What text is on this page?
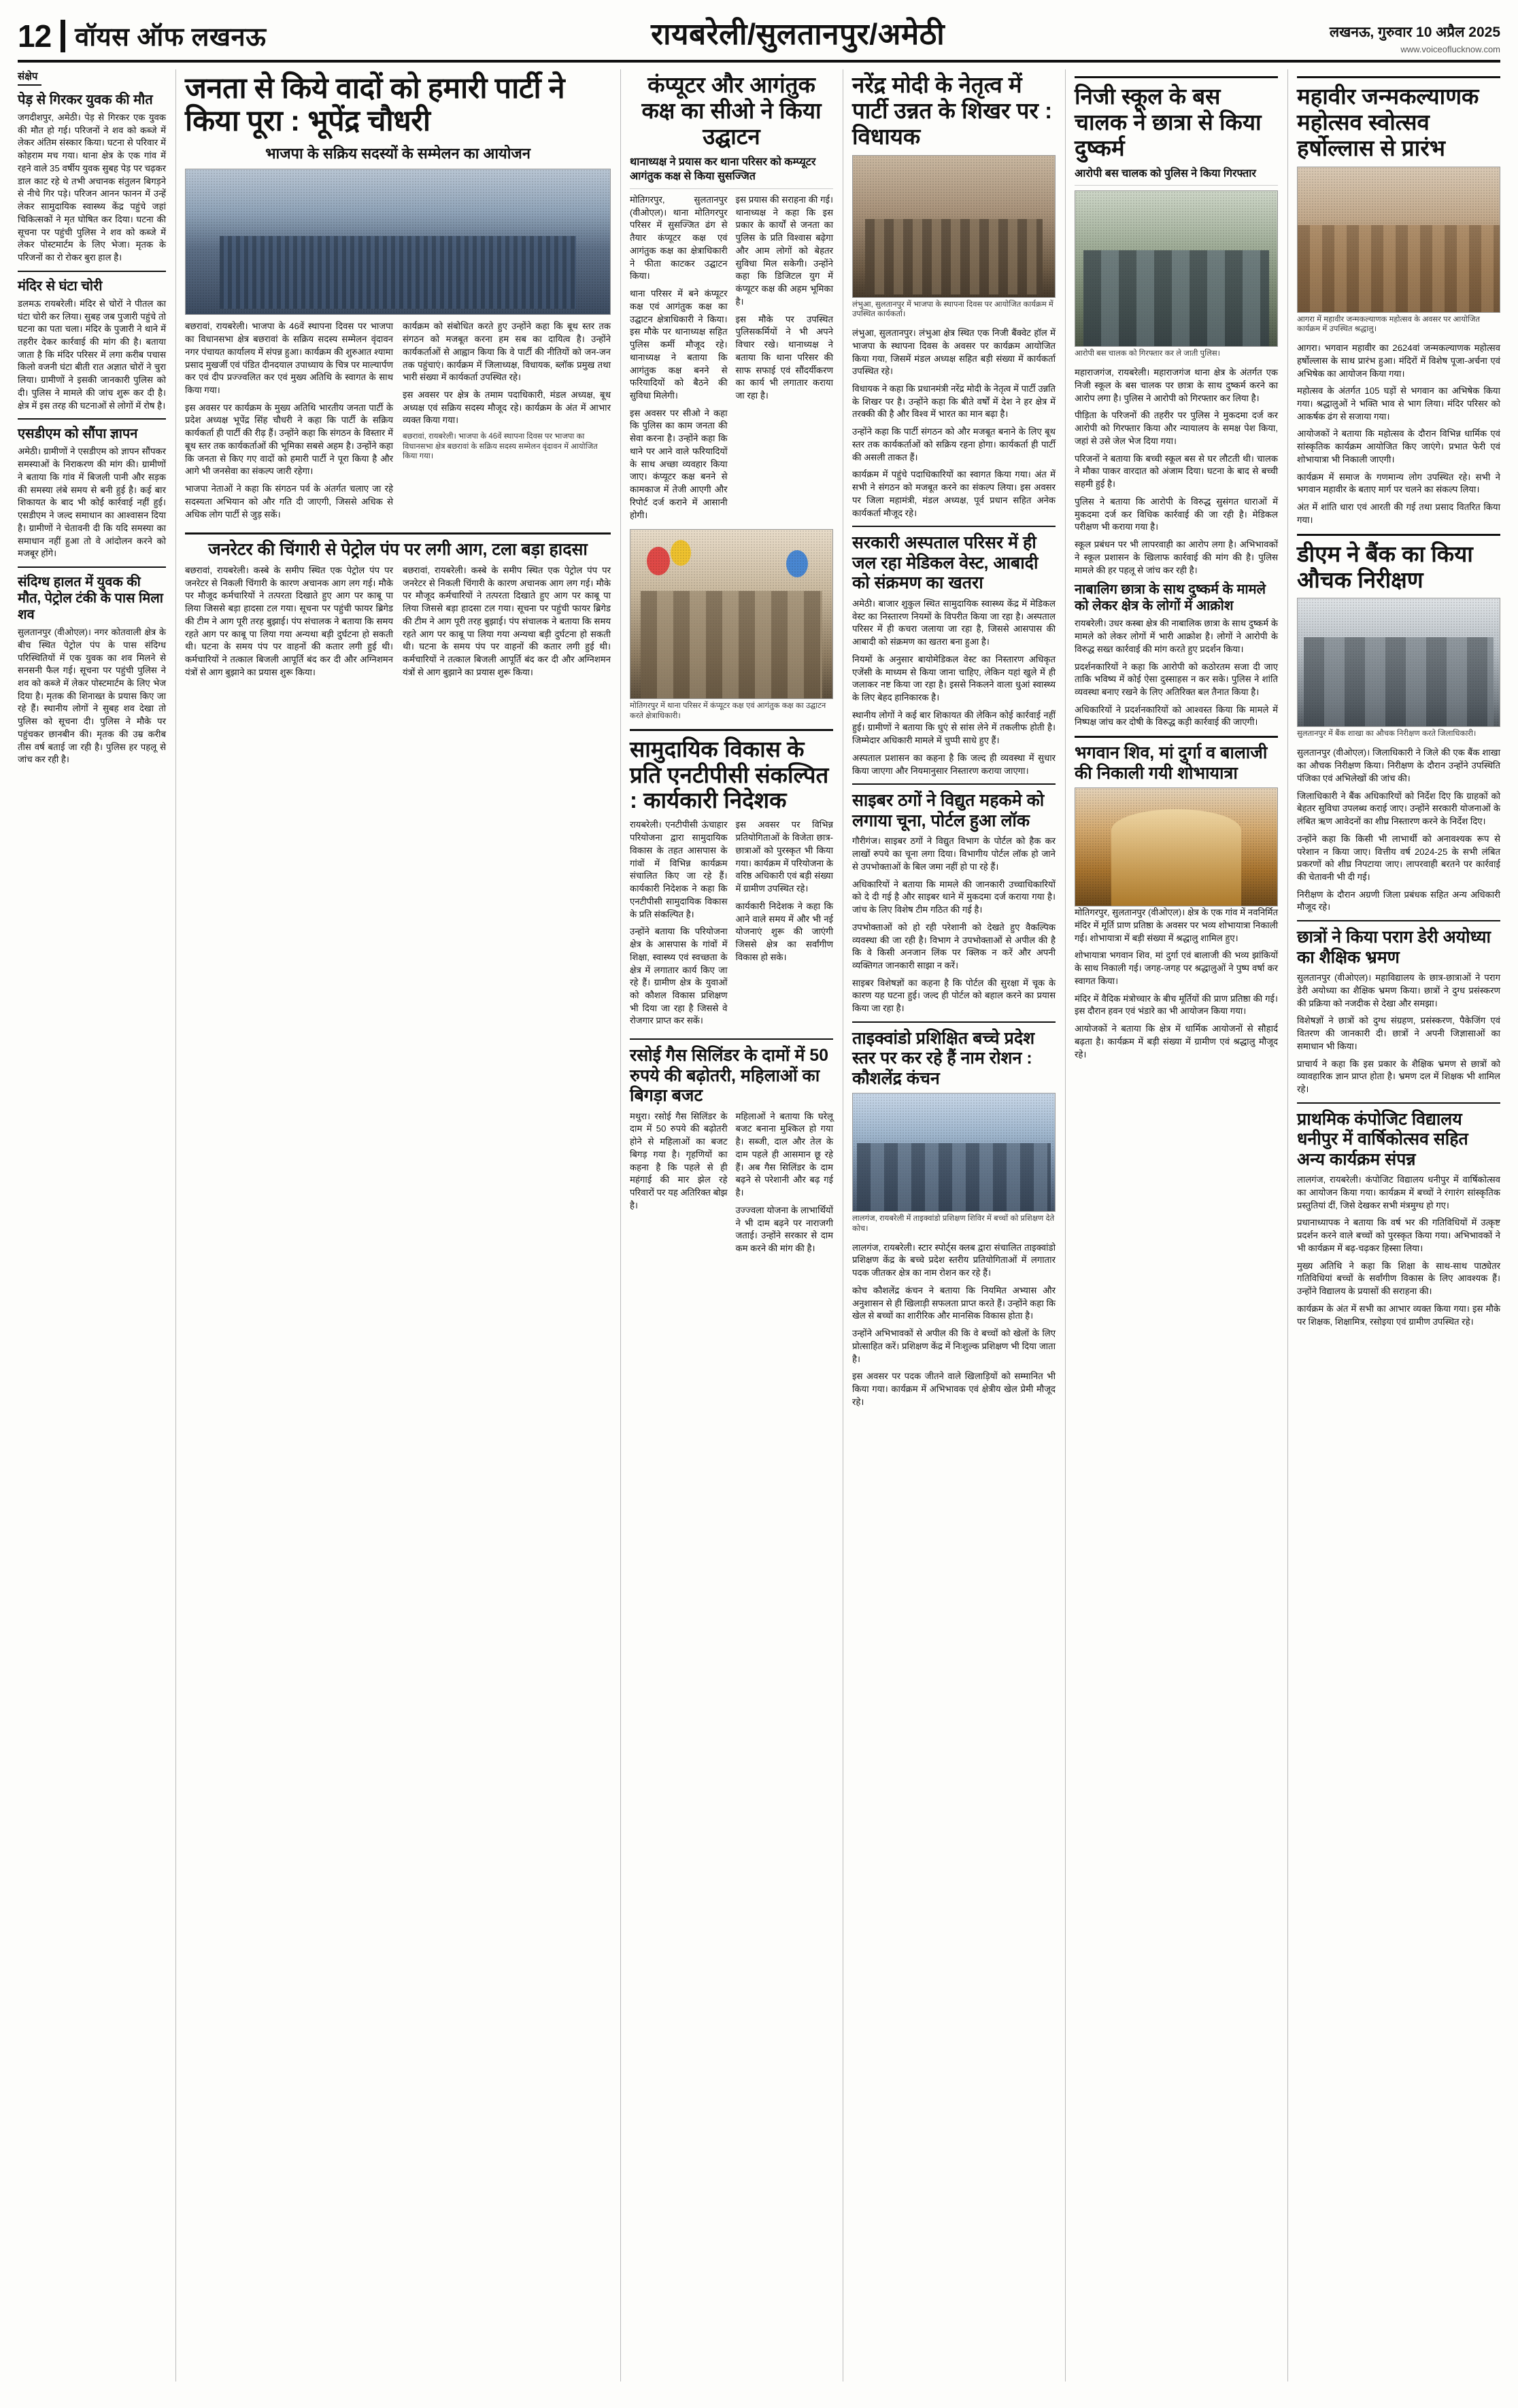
12 वॉयस ऑफ लखनऊ	रायबरेली/सुलतानपुर/अमेठी	लखनऊ, गुरुवार 10 अप्रैल 2025
www.voiceoflucknow.com
संक्षेप
पेड़ से गिरकर युवक की मौत

जगदीशपुर, अमेठी। पेड़ से गिरकर एक युवक की मौत हो गई। परिजनों ने शव को कब्जे में लेकर अंतिम संस्कार किया। घटना से परिवार में कोहराम मच गया। थाना क्षेत्र के एक गांव में रहने वाले 35 वर्षीय युवक सुबह पेड़ पर चढ़कर डाल काट रहे थे तभी अचानक संतुलन बिगड़ने से नीचे गिर पड़े। परिजन आनन फानन में उन्हें लेकर सामुदायिक स्वास्थ्य केंद्र पहुंचे जहां चिकित्सकों ने मृत घोषित कर दिया। घटना की सूचना पर पहुंची पुलिस ने शव को कब्जे में लेकर पोस्टमार्टम के लिए भेजा। मृतक के परिजनों का रो रोकर बुरा हाल है।

मंदिर से घंटा चोरी

डलमऊ रायबरेली। मंदिर से चोरों ने पीतल का घंटा चोरी कर लिया। सुबह जब पुजारी पहुंचे तो घटना का पता चला। मंदिर के पुजारी ने थाने में तहरीर देकर कार्रवाई की मांग की है। बताया जाता है कि मंदिर परिसर में लगा करीब पचास किलो वजनी घंटा बीती रात अज्ञात चोरों ने चुरा लिया। ग्रामीणों ने इसकी जानकारी पुलिस को दी। पुलिस ने मामले की जांच शुरू कर दी है। क्षेत्र में इस तरह की घटनाओं से लोगों में रोष है।

एसडीएम को सौंपा ज्ञापन

अमेठी। ग्रामीणों ने एसडीएम को ज्ञापन सौंपकर समस्याओं के निराकरण की मांग की। ग्रामीणों ने बताया कि गांव में बिजली पानी और सड़क की समस्या लंबे समय से बनी हुई है। कई बार शिकायत के बाद भी कोई कार्रवाई नहीं हुई। एसडीएम ने जल्द समाधान का आश्वासन दिया है। ग्रामीणों ने चेतावनी दी कि यदि समस्या का समाधान नहीं हुआ तो वे आंदोलन करने को मजबूर होंगे।

संदिग्ध हालत में युवक की मौत, पेट्रोल टंकी के पास मिला शव

सुलतानपुर (वीओएल)। नगर कोतवाली क्षेत्र के बीच स्थित पेट्रोल पंप के पास संदिग्ध परिस्थितियों में एक युवक का शव मिलने से सनसनी फैल गई। सूचना पर पहुंची पुलिस ने शव को कब्जे में लेकर पोस्टमार्टम के लिए भेज दिया है। मृतक की शिनाख्त के प्रयास किए जा रहे हैं। स्थानीय लोगों ने सुबह शव देखा तो पुलिस को सूचना दी। पुलिस ने मौके पर पहुंचकर छानबीन की। मृतक की उम्र करीब तीस वर्ष बताई जा रही है। पुलिस हर पहलू से जांच कर रही है।

जनता से किये वादों को हमारी पार्टी ने किया पूरा : भूपेंद्र चौधरी
भाजपा के सक्रिय सदस्यों के सम्मेलन का आयोजन

बछरावां, रायबरेली। भाजपा के 46वें स्थापना दिवस पर भाजपा का विधानसभा क्षेत्र बछरावां के सक्रिय सदस्य सम्मेलन वृंदावन नगर पंचायत कार्यालय में संपन्न हुआ। कार्यक्रम की शुरुआत श्यामा प्रसाद मुखर्जी एवं पंडित दीनदयाल उपाध्याय के चित्र पर माल्यार्पण कर एवं दीप प्रज्ज्वलित कर एवं मुख्य अतिथि के स्वागत के साथ किया गया।

इस अवसर पर कार्यक्रम के मुख्य अतिथि भारतीय जनता पार्टी के प्रदेश अध्यक्ष भूपेंद्र सिंह चौधरी ने कहा कि पार्टी के सक्रिय कार्यकर्ता ही पार्टी की रीढ़ हैं। उन्होंने कहा कि संगठन के विस्तार में बूथ स्तर तक कार्यकर्ताओं की भूमिका सबसे अहम है। उन्होंने कहा कि जनता से किए गए वादों को हमारी पार्टी ने पूरा किया है और आगे भी जनसेवा का संकल्प जारी रहेगा।

भाजपा नेताओं ने कहा कि संगठन पर्व के अंतर्गत चलाए जा रहे सदस्यता अभियान को और गति दी जाएगी, जिससे अधिक से अधिक लोग पार्टी से जुड़ सकें।

कार्यक्रम को संबोधित करते हुए उन्होंने कहा कि बूथ स्तर तक संगठन को मजबूत करना हम सब का दायित्व है। उन्होंने कार्यकर्ताओं से आह्वान किया कि वे पार्टी की नीतियों को जन-जन तक पहुंचाएं। कार्यक्रम में जिलाध्यक्ष, विधायक, ब्लॉक प्रमुख तथा भारी संख्या में कार्यकर्ता उपस्थित रहे।

इस अवसर पर क्षेत्र के तमाम पदाधिकारी, मंडल अध्यक्ष, बूथ अध्यक्ष एवं सक्रिय सदस्य मौजूद रहे। कार्यक्रम के अंत में आभार व्यक्त किया गया।

बछरावां, रायबरेली। भाजपा के 46वें स्थापना दिवस पर भाजपा का विधानसभा क्षेत्र बछरावां के सक्रिय सदस्य सम्मेलन वृंदावन में आयोजित किया गया।

जनरेटर की चिंगारी से पेट्रोल पंप पर लगी आग, टला बड़ा हादसा

बछरावां, रायबरेली। कस्बे के समीप स्थित एक पेट्रोल पंप पर जनरेटर से निकली चिंगारी के कारण अचानक आग लग गई। मौके पर मौजूद कर्मचारियों ने तत्परता दिखाते हुए आग पर काबू पा लिया जिससे बड़ा हादसा टल गया। सूचना पर पहुंची फायर ब्रिगेड की टीम ने आग पूरी तरह बुझाई। पंप संचालक ने बताया कि समय रहते आग पर काबू पा लिया गया अन्यथा बड़ी दुर्घटना हो सकती थी। घटना के समय पंप पर वाहनों की कतार लगी हुई थी। कर्मचारियों ने तत्काल बिजली आपूर्ति बंद कर दी और अग्निशमन यंत्रों से आग बुझाने का प्रयास शुरू किया।

बछरावां, रायबरेली। कस्बे के समीप स्थित एक पेट्रोल पंप पर जनरेटर से निकली चिंगारी के कारण अचानक आग लग गई। मौके पर मौजूद कर्मचारियों ने तत्परता दिखाते हुए आग पर काबू पा लिया जिससे बड़ा हादसा टल गया। सूचना पर पहुंची फायर ब्रिगेड की टीम ने आग पूरी तरह बुझाई। पंप संचालक ने बताया कि समय रहते आग पर काबू पा लिया गया अन्यथा बड़ी दुर्घटना हो सकती थी। घटना के समय पंप पर वाहनों की कतार लगी हुई थी। कर्मचारियों ने तत्काल बिजली आपूर्ति बंद कर दी और अग्निशमन यंत्रों से आग बुझाने का प्रयास शुरू किया।

कंप्यूटर और आगंतुक कक्ष का सीओ ने किया उद्घाटन
थानाध्यक्ष ने प्रयास कर थाना परिसर को कम्प्यूटर आगंतुक कक्ष से किया सुसज्जित

मोतिगरपुर, सुलतानपुर (वीओएल)। थाना मोतिगरपुर परिसर में सुसज्जित ढंग से तैयार कंप्यूटर कक्ष एवं आगंतुक कक्ष का क्षेत्राधिकारी ने फीता काटकर उद्घाटन किया।

थाना परिसर में बने कंप्यूटर कक्ष एवं आगंतुक कक्ष का उद्घाटन क्षेत्राधिकारी ने किया। इस मौके पर थानाध्यक्ष सहित पुलिस कर्मी मौजूद रहे। थानाध्यक्ष ने बताया कि आगंतुक कक्ष बनने से फरियादियों को बैठने की सुविधा मिलेगी।

इस अवसर पर सीओ ने कहा कि पुलिस का काम जनता की सेवा करना है। उन्होंने कहा कि थाने पर आने वाले फरियादियों के साथ अच्छा व्यवहार किया जाए। कंप्यूटर कक्ष बनने से कामकाज में तेजी आएगी और रिपोर्ट दर्ज कराने में आसानी होगी।

इस प्रयास की सराहना की गई। थानाध्यक्ष ने कहा कि इस प्रकार के कार्यों से जनता का पुलिस के प्रति विश्वास बढ़ेगा और आम लोगों को बेहतर सुविधा मिल सकेगी। उन्होंने कहा कि डिजिटल युग में कंप्यूटर कक्ष की अहम भूमिका है।

इस मौके पर उपस्थित पुलिसकर्मियों ने भी अपने विचार रखे। थानाध्यक्ष ने बताया कि थाना परिसर की साफ सफाई एवं सौंदर्यीकरण का कार्य भी लगातार कराया जा रहा है।

मोतिगरपुर में थाना परिसर में कंप्यूटर कक्ष एवं आगंतुक कक्ष का उद्घाटन करते क्षेत्राधिकारी।

सामुदायिक विकास के प्रति एनटीपीसी संकल्पित : कार्यकारी निदेशक

रायबरेली। एनटीपीसी ऊंचाहार परियोजना द्वारा सामुदायिक विकास के तहत आसपास के गांवों में विभिन्न कार्यक्रम संचालित किए जा रहे हैं। कार्यकारी निदेशक ने कहा कि एनटीपीसी सामुदायिक विकास के प्रति संकल्पित है।

उन्होंने बताया कि परियोजना क्षेत्र के आसपास के गांवों में शिक्षा, स्वास्थ्य एवं स्वच्छता के क्षेत्र में लगातार कार्य किए जा रहे हैं। ग्रामीण क्षेत्र के युवाओं को कौशल विकास प्रशिक्षण भी दिया जा रहा है जिससे वे रोजगार प्राप्त कर सकें।

इस अवसर पर विभिन्न प्रतियोगिताओं के विजेता छात्र-छात्राओं को पुरस्कृत भी किया गया। कार्यक्रम में परियोजना के वरिष्ठ अधिकारी एवं बड़ी संख्या में ग्रामीण उपस्थित रहे।

कार्यकारी निदेशक ने कहा कि आने वाले समय में और भी नई योजनाएं शुरू की जाएंगी जिससे क्षेत्र का सर्वांगीण विकास हो सके।

रसोई गैस सिलिंडर के दामों में 50 रुपये की बढ़ोतरी, महिलाओं का बिगड़ा बजट

मथुरा। रसोई गैस सिलिंडर के दाम में 50 रुपये की बढ़ोतरी होने से महिलाओं का बजट बिगड़ गया है। गृहणियों का कहना है कि पहले से ही महंगाई की मार झेल रहे परिवारों पर यह अतिरिक्त बोझ है।

महिलाओं ने बताया कि घरेलू बजट बनाना मुश्किल हो गया है। सब्जी, दाल और तेल के दाम पहले ही आसमान छू रहे हैं। अब गैस सिलिंडर के दाम बढ़ने से परेशानी और बढ़ गई है।

उज्ज्वला योजना के लाभार्थियों ने भी दाम बढ़ने पर नाराजगी जताई। उन्होंने सरकार से दाम कम करने की मांग की है।

नरेंद्र मोदी के नेतृत्व में पार्टी उन्नत के शिखर पर : विधायक

लंभुआ, सुलतानपुर में भाजपा के स्थापना दिवस पर आयोजित कार्यक्रम में उपस्थित कार्यकर्ता।

लंभुआ, सुलतानपुर। लंभुआ क्षेत्र स्थित एक निजी बैंक्वेट हॉल में भाजपा के स्थापना दिवस के अवसर पर कार्यक्रम आयोजित किया गया, जिसमें मंडल अध्यक्ष सहित बड़ी संख्या में कार्यकर्ता उपस्थित रहे।

विधायक ने कहा कि प्रधानमंत्री नरेंद्र मोदी के नेतृत्व में पार्टी उन्नति के शिखर पर है। उन्होंने कहा कि बीते वर्षों में देश ने हर क्षेत्र में तरक्की की है और विश्व में भारत का मान बढ़ा है।

उन्होंने कहा कि पार्टी संगठन को और मजबूत बनाने के लिए बूथ स्तर तक कार्यकर्ताओं को सक्रिय रहना होगा। कार्यकर्ता ही पार्टी की असली ताकत हैं।

कार्यक्रम में पहुंचे पदाधिकारियों का स्वागत किया गया। अंत में सभी ने संगठन को मजबूत करने का संकल्प लिया। इस अवसर पर जिला महामंत्री, मंडल अध्यक्ष, पूर्व प्रधान सहित अनेक कार्यकर्ता मौजूद रहे।

सरकारी अस्पताल परिसर में ही जल रहा मेडिकल वेस्ट, आबादी को संक्रमण का खतरा

अमेठी। बाजार शुकुल स्थित सामुदायिक स्वास्थ्य केंद्र में मेडिकल वेस्ट का निस्तारण नियमों के विपरीत किया जा रहा है। अस्पताल परिसर में ही कचरा जलाया जा रहा है, जिससे आसपास की आबादी को संक्रमण का खतरा बना हुआ है।

नियमों के अनुसार बायोमेडिकल वेस्ट का निस्तारण अधिकृत एजेंसी के माध्यम से किया जाना चाहिए, लेकिन यहां खुले में ही जलाकर नष्ट किया जा रहा है। इससे निकलने वाला धुआं स्वास्थ्य के लिए बेहद हानिकारक है।

स्थानीय लोगों ने कई बार शिकायत की लेकिन कोई कार्रवाई नहीं हुई। ग्रामीणों ने बताया कि धुएं से सांस लेने में तकलीफ होती है। जिम्मेदार अधिकारी मामले में चुप्पी साधे हुए हैं।

अस्पताल प्रशासन का कहना है कि जल्द ही व्यवस्था में सुधार किया जाएगा और नियमानुसार निस्तारण कराया जाएगा।

साइबर ठगों ने विद्युत महकमे को लगाया चूना, पोर्टल हुआ लॉक

गौरीगंज। साइबर ठगों ने विद्युत विभाग के पोर्टल को हैक कर लाखों रुपये का चूना लगा दिया। विभागीय पोर्टल लॉक हो जाने से उपभोक्ताओं के बिल जमा नहीं हो पा रहे हैं।

अधिकारियों ने बताया कि मामले की जानकारी उच्चाधिकारियों को दे दी गई है और साइबर थाने में मुकदमा दर्ज कराया गया है। जांच के लिए विशेष टीम गठित की गई है।

उपभोक्ताओं को हो रही परेशानी को देखते हुए वैकल्पिक व्यवस्था की जा रही है। विभाग ने उपभोक्ताओं से अपील की है कि वे किसी अनजान लिंक पर क्लिक न करें और अपनी व्यक्तिगत जानकारी साझा न करें।

साइबर विशेषज्ञों का कहना है कि पोर्टल की सुरक्षा में चूक के कारण यह घटना हुई। जल्द ही पोर्टल को बहाल करने का प्रयास किया जा रहा है।

ताइक्वांडो प्रशिक्षित बच्चे प्रदेश स्तर पर कर रहे हैं नाम रोशन : कौशलेंद्र कंचन

लालगंज, रायबरेली में ताइक्वांडो प्रशिक्षण शिविर में बच्चों को प्रशिक्षण देते कोच।

लालगंज, रायबरेली। स्टार स्पोर्ट्स क्लब द्वारा संचालित ताइक्वांडो प्रशिक्षण केंद्र के बच्चे प्रदेश स्तरीय प्रतियोगिताओं में लगातार पदक जीतकर क्षेत्र का नाम रोशन कर रहे हैं।

कोच कौशलेंद्र कंचन ने बताया कि नियमित अभ्यास और अनुशासन से ही खिलाड़ी सफलता प्राप्त करते हैं। उन्होंने कहा कि खेल से बच्चों का शारीरिक और मानसिक विकास होता है।

उन्होंने अभिभावकों से अपील की कि वे बच्चों को खेलों के लिए प्रोत्साहित करें। प्रशिक्षण केंद्र में निःशुल्क प्रशिक्षण भी दिया जाता है।

इस अवसर पर पदक जीतने वाले खिलाड़ियों को सम्मानित भी किया गया। कार्यक्रम में अभिभावक एवं क्षेत्रीय खेल प्रेमी मौजूद रहे।

निजी स्कूल के बस चालक ने छात्रा से किया दुष्कर्म
आरोपी बस चालक को पुलिस ने किया गिरफ्तार

आरोपी बस चालक को गिरफ्तार कर ले जाती पुलिस।

महाराजगंज, रायबरेली। महाराजगंज थाना क्षेत्र के अंतर्गत एक निजी स्कूल के बस चालक पर छात्रा के साथ दुष्कर्म करने का आरोप लगा है। पुलिस ने आरोपी को गिरफ्तार कर लिया है।

पीड़िता के परिजनों की तहरीर पर पुलिस ने मुकदमा दर्ज कर आरोपी को गिरफ्तार किया और न्यायालय के समक्ष पेश किया, जहां से उसे जेल भेज दिया गया।

परिजनों ने बताया कि बच्ची स्कूल बस से घर लौटती थी। चालक ने मौका पाकर वारदात को अंजाम दिया। घटना के बाद से बच्ची सहमी हुई है।

पुलिस ने बताया कि आरोपी के विरुद्ध सुसंगत धाराओं में मुकदमा दर्ज कर विधिक कार्रवाई की जा रही है। मेडिकल परीक्षण भी कराया गया है।

स्कूल प्रबंधन पर भी लापरवाही का आरोप लगा है। अभिभावकों ने स्कूल प्रशासन के खिलाफ कार्रवाई की मांग की है। पुलिस मामले की हर पहलू से जांच कर रही है।

नाबालिग छात्रा के साथ दुष्कर्म के मामले को लेकर क्षेत्र के लोगों में आक्रोश

रायबरेली। उधर कस्बा क्षेत्र की नाबालिक छात्रा के साथ दुष्कर्म के मामले को लेकर लोगों में भारी आक्रोश है। लोगों ने आरोपी के विरुद्ध सख्त कार्रवाई की मांग करते हुए प्रदर्शन किया।

प्रदर्शनकारियों ने कहा कि आरोपी को कठोरतम सजा दी जाए ताकि भविष्य में कोई ऐसा दुस्साहस न कर सके। पुलिस ने शांति व्यवस्था बनाए रखने के लिए अतिरिक्त बल तैनात किया है।

अधिकारियों ने प्रदर्शनकारियों को आश्वस्त किया कि मामले में निष्पक्ष जांच कर दोषी के विरुद्ध कड़ी कार्रवाई की जाएगी।

भगवान शिव, मां दुर्गा व बालाजी की निकाली गयी शोभायात्रा

मोतिगरपुर, सुलतानपुर (वीओएल)। क्षेत्र के एक गांव में नवनिर्मित मंदिर में मूर्ति प्राण प्रतिष्ठा के अवसर पर भव्य शोभायात्रा निकाली गई। शोभायात्रा में बड़ी संख्या में श्रद्धालु शामिल हुए।

शोभायात्रा भगवान शिव, मां दुर्गा एवं बालाजी की भव्य झांकियों के साथ निकाली गई। जगह-जगह पर श्रद्धालुओं ने पुष्प वर्षा कर स्वागत किया।

मंदिर में वैदिक मंत्रोच्चार के बीच मूर्तियों की प्राण प्रतिष्ठा की गई। इस दौरान हवन एवं भंडारे का भी आयोजन किया गया।

आयोजकों ने बताया कि क्षेत्र में धार्मिक आयोजनों से सौहार्द बढ़ता है। कार्यक्रम में बड़ी संख्या में ग्रामीण एवं श्रद्धालु मौजूद रहे।

महावीर जन्मकल्याणक महोत्सव स्वोत्सव हर्षोल्लास से प्रारंभ

आगरा में महावीर जन्मकल्याणक महोत्सव के अवसर पर आयोजित कार्यक्रम में उपस्थित श्रद्धालु।

आगरा। भगवान महावीर का 2624वां जन्मकल्याणक महोत्सव हर्षोल्लास के साथ प्रारंभ हुआ। मंदिरों में विशेष पूजा-अर्चना एवं अभिषेक का आयोजन किया गया।

महोत्सव के अंतर्गत 105 घड़ों से भगवान का अभिषेक किया गया। श्रद्धालुओं ने भक्ति भाव से भाग लिया। मंदिर परिसर को आकर्षक ढंग से सजाया गया।

आयोजकों ने बताया कि महोत्सव के दौरान विभिन्न धार्मिक एवं सांस्कृतिक कार्यक्रम आयोजित किए जाएंगे। प्रभात फेरी एवं शोभायात्रा भी निकाली जाएगी।

कार्यक्रम में समाज के गणमान्य लोग उपस्थित रहे। सभी ने भगवान महावीर के बताए मार्ग पर चलने का संकल्प लिया।

अंत में शांति धारा एवं आरती की गई तथा प्रसाद वितरित किया गया।

डीएम ने बैंक का किया औचक निरीक्षण

सुलतानपुर में बैंक शाखा का औचक निरीक्षण करते जिलाधिकारी।

सुलतानपुर (वीओएल)। जिलाधिकारी ने जिले की एक बैंक शाखा का औचक निरीक्षण किया। निरीक्षण के दौरान उन्होंने उपस्थिति पंजिका एवं अभिलेखों की जांच की।

जिलाधिकारी ने बैंक अधिकारियों को निर्देश दिए कि ग्राहकों को बेहतर सुविधा उपलब्ध कराई जाए। उन्होंने सरकारी योजनाओं के लंबित ऋण आवेदनों का शीघ्र निस्तारण करने के निर्देश दिए।

उन्होंने कहा कि किसी भी लाभार्थी को अनावश्यक रूप से परेशान न किया जाए। वित्तीय वर्ष 2024-25 के सभी लंबित प्रकरणों को शीघ्र निपटाया जाए। लापरवाही बरतने पर कार्रवाई की चेतावनी भी दी गई।

निरीक्षण के दौरान अग्रणी जिला प्रबंधक सहित अन्य अधिकारी मौजूद रहे।

छात्रों ने किया पराग डेरी अयोध्या का शैक्षिक भ्रमण

सुलतानपुर (वीओएल)। महाविद्यालय के छात्र-छात्राओं ने पराग डेरी अयोध्या का शैक्षिक भ्रमण किया। छात्रों ने दुग्ध प्रसंस्करण की प्रक्रिया को नजदीक से देखा और समझा।

विशेषज्ञों ने छात्रों को दुग्ध संग्रहण, प्रसंस्करण, पैकेजिंग एवं वितरण की जानकारी दी। छात्रों ने अपनी जिज्ञासाओं का समाधान भी किया।

प्राचार्य ने कहा कि इस प्रकार के शैक्षिक भ्रमण से छात्रों को व्यावहारिक ज्ञान प्राप्त होता है। भ्रमण दल में शिक्षक भी शामिल रहे।

प्राथमिक कंपोजिट विद्यालय धनीपुर में वार्षिकोत्सव सहित अन्य कार्यक्रम संपन्न

लालगंज, रायबरेली। कंपोजिट विद्यालय धनीपुर में वार्षिकोत्सव का आयोजन किया गया। कार्यक्रम में बच्चों ने रंगारंग सांस्कृतिक प्रस्तुतियां दीं, जिसे देखकर सभी मंत्रमुग्ध हो गए।

प्रधानाध्यापक ने बताया कि वर्ष भर की गतिविधियों में उत्कृष्ट प्रदर्शन करने वाले बच्चों को पुरस्कृत किया गया। अभिभावकों ने भी कार्यक्रम में बढ़-चढ़कर हिस्सा लिया।

मुख्य अतिथि ने कहा कि शिक्षा के साथ-साथ पाठ्येतर गतिविधियां बच्चों के सर्वांगीण विकास के लिए आवश्यक हैं। उन्होंने विद्यालय के प्रयासों की सराहना की।

कार्यक्रम के अंत में सभी का आभार व्यक्त किया गया। इस मौके पर शिक्षक, शिक्षामित्र, रसोइया एवं ग्रामीण उपस्थित रहे।
